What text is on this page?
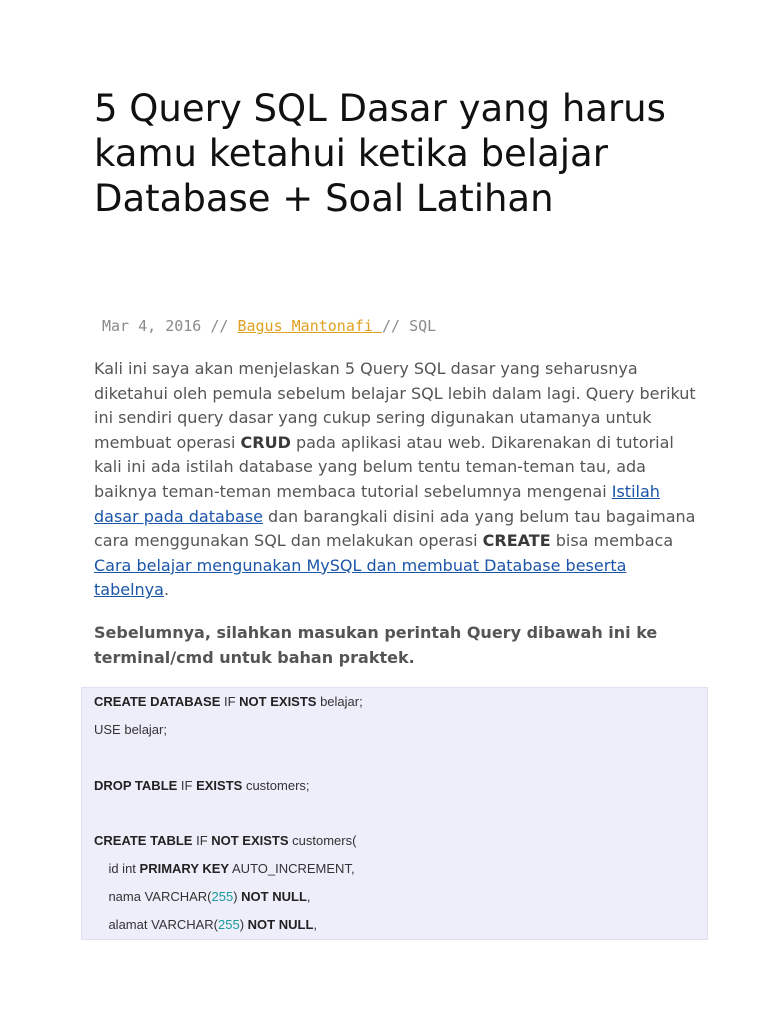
5 Query SQL Dasar yang harus kamu ketahui ketika belajar Database + Soal Latihan
Mar 4, 2016 // Bagus Mantonafi // SQL

Kali ini saya akan menjelaskan 5 Query SQL dasar yang seharusnya diketahui oleh pemula sebelum belajar SQL lebih dalam lagi. Query berikut ini sendiri query dasar yang cukup sering digunakan utamanya untuk membuat operasi CRUD pada aplikasi atau web. Dikarenakan di tutorial kali ini ada istilah database yang belum tentu teman-teman tau, ada baiknya teman-teman membaca tutorial sebelumnya mengenai Istilah dasar pada database dan barangkali disini ada yang belum tau bagaimana cara menggunakan SQL dan melakukan operasi CREATE bisa membaca Cara belajar mengunakan MySQL dan membuat Database beserta tabelnya.

Sebelumnya, silahkan masukan perintah Query dibawah ini ke terminal/cmd untuk bahan praktek.

CREATE DATABASE IF NOT EXISTS belajar;
USE belajar;
DROP TABLE IF EXISTS customers;
CREATE TABLE IF NOT EXISTS customers(
id int PRIMARY KEY AUTO_INCREMENT,
nama VARCHAR(255) NOT NULL,
alamat VARCHAR(255) NOT NULL,
